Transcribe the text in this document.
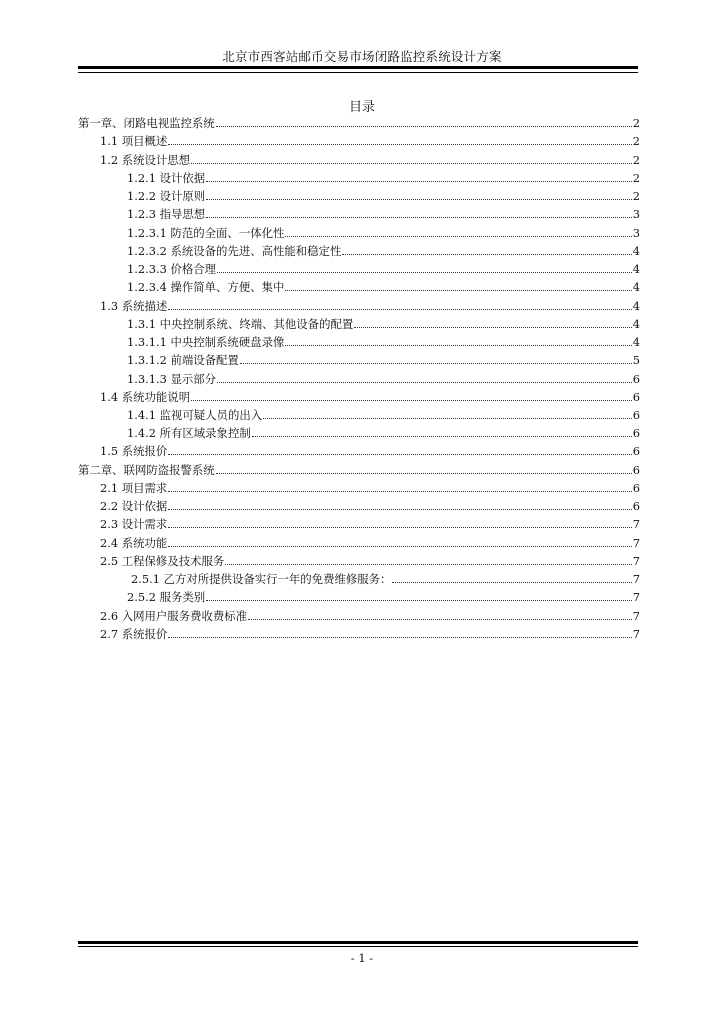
北京市西客站邮币交易市场闭路监控系统设计方案
目录
第一章、闭路电视监控系统	2
1.1 项目概述	2
1.2 系统设计思想	2
1.2.1 设计依据	2
1.2.2 设计原则	2
1.2.3 指导思想	3
1.2.3.1 防范的全面、一体化性	3
1.2.3.2 系统设备的先进、高性能和稳定性	4
1.2.3.3 价格合理	4
1.2.3.4 操作简单、方便、集中	4
1.3 系统描述	4
1.3.1 中央控制系统、终端、其他设备的配置	4
1.3.1.1 中央控制系统硬盘录像	4
1.3.1.2 前端设备配置	5
1.3.1.3 显示部分	6
1.4 系统功能说明	6
1.4.1 监视可疑人员的出入	6
1.4.2 所有区域录象控制	6
1.5 系统报价	6
第二章、联网防盗报警系统	6
2.1 项目需求	6
2.2 设计依据	6
2.3 设计需求	7
2.4 系统功能	7
2.5 工程保修及技术服务	7
2.5.1 乙方对所提供设备实行一年的免费维修服务：	7
2.5.2 服务类别	7
2.6 入网用户服务费收费标准	7
2.7 系统报价	7
- 1 -
